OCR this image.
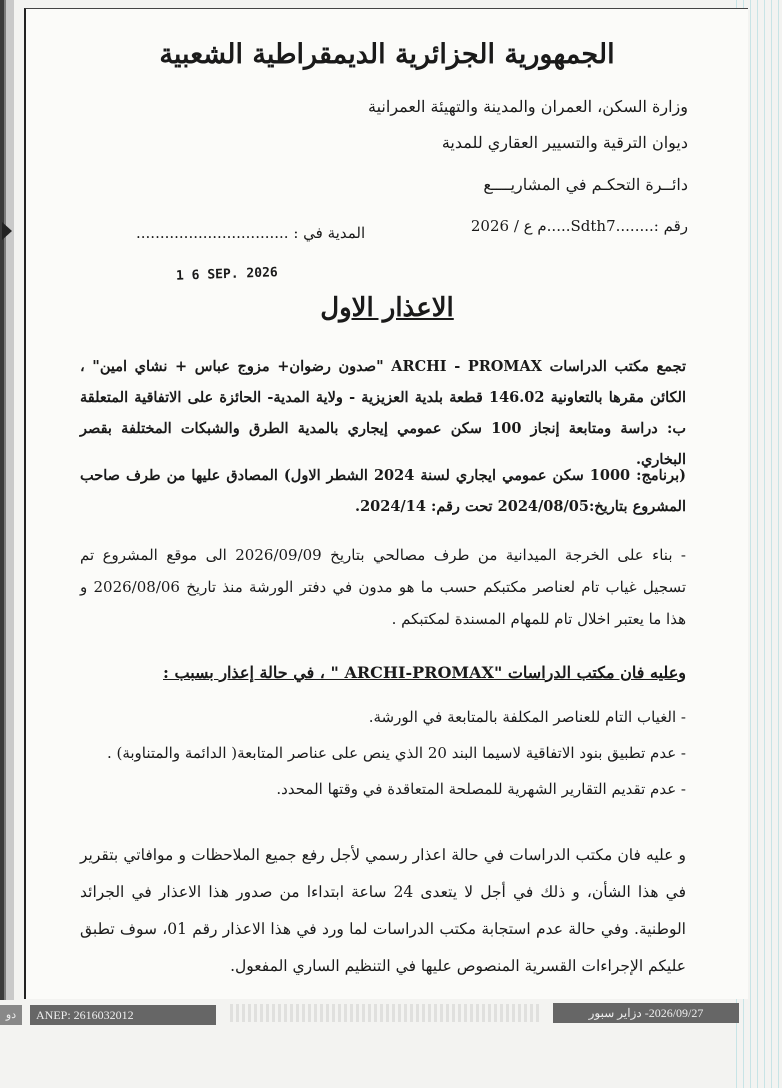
الجمهورية الجزائرية الديمقراطية الشعبية
وزارة السكن، العمران والمدينة والتهيئة العمرانية
ديوان الترقية والتسيير العقاري للمدية
دائــرة التحكـم في المشاريــــع
رقم :........Sdth7.....م ع / 2026
المدية في : ................................
1 6 SEP. 2026
الاعذار الاول
تجمع مكتب الدراسات ARCHI - PROMAX "صدون رضوان+ مزوج عباس + نشاي امين" ، الكائن مقرها بالتعاونية 146.02 قطعة بلدية العزيزية - ولاية المدية- الحائزة على الاتفاقية المتعلقة ب: دراسة ومتابعة إنجاز 100 سكن عمومي إيجاري بالمدية الطرق والشبكات المختلفة بقصر البخاري.
(برنامج: 1000 سكن عمومي ايجاري لسنة 2024 الشطر الاول) المصادق عليها من طرف صاحب المشروع بتاريخ:2024/08/05 تحت رقم: 2024/14.
- بناء على الخرجة الميدانية من طرف مصالحي بتاريخ 2026/09/09 الى موقع المشروع تم تسجيل غياب تام لعناصر مكتبكم حسب ما هو مدون في دفتر الورشة منذ تاريخ 2026/08/06 و هذا ما يعتبر اخلال تام للمهام المسندة لمكتبكم .
وعليه فان مكتب الدراسات "ARCHI-PROMAX " ، في حالة إعذار بسبب :
- الغياب التام للعناصر المكلفة بالمتابعة في الورشة.
- عدم تطبيق بنود الاتفاقية لاسيما البند 20 الذي ينص على عناصر المتابعة( الدائمة والمتناوبة) .
- عدم تقديم التقارير الشهرية للمصلحة المتعاقدة في وقتها المحدد.
و عليه فان مكتب الدراسات في حالة اعذار رسمي لأجل رفع جميع الملاحظات و موافاتي بتقرير في هذا الشأن، و ذلك في أجل لا يتعدى 24 ساعة ابتداءا من صدور هذا الاعذار في الجرائد الوطنية. وفي حالة عدم استجابة مكتب الدراسات لما ورد في هذا الاعذار رقم 01، سوف تطبق عليكم الإجراءات القسرية المنصوص عليها في التنظيم الساري المفعول.
دو	ANEP: 2616032012	2026/09/27- دزاير سبور
